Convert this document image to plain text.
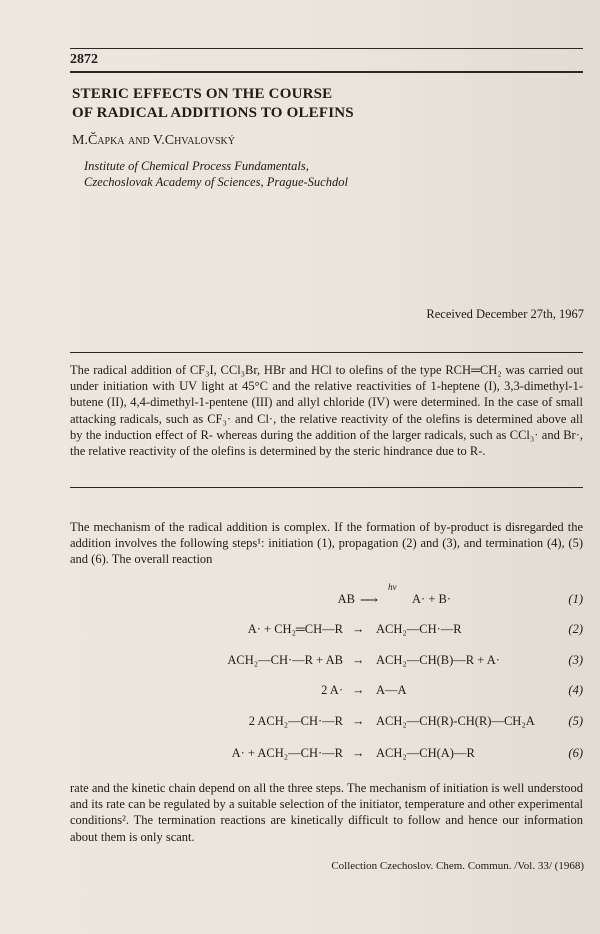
2872
STERIC EFFECTS ON THE COURSE
OF RADICAL ADDITIONS TO OLEFINS
M.Čapka and V.Chvalovský
Institute of Chemical Process Fundamentals,
Czechoslovak Academy of Sciences, Prague-Suchdol
Received December 27th, 1967
The radical addition of CF₃I, CCl₃Br, HBr and HCl to olefins of the type RCH═CH₂ was carried out under initiation with UV light at 45°C and the relative reactivities of 1-heptene (I), 3,3-dimethyl-1-butene (II), 4,4-dimethyl-1-pentene (III) and allyl chloride (IV) were determined. In the case of small attacking radicals, such as CF₃· and Cl·, the relative reactivity of the olefins is determined above all by the induction effect of R- whereas during the addition of the larger radicals, such as CCl₃· and Br·, the relative reactivity of the olefins is determined by the steric hindrance due to R-.
The mechanism of the radical addition is complex. If the formation of by-product is disregarded the addition involves the following steps¹: initiation (1), propagation (2) and (3), and termination (4), (5) and (6). The overall reaction
AB
hν
⟶	A· + B·	(1)
A· + CH₂═CH—R → ACH₂—CH·—R	(2)
ACH₂—CH·—R + AB → ACH₂—CH(B)—R + A·	(3)
2 A· → A—A	(4)
2 ACH₂—CH·—R → ACH₂—CH(R)-CH(R)—CH₂A	(5)
A· + ACH₂—CH·—R → ACH₂—CH(A)—R	(6)
rate and the kinetic chain depend on all the three steps. The mechanism of initiation is well understood and its rate can be regulated by a suitable selection of the initiator, temperature and other experimental conditions². The termination reactions are kinetically difficult to follow and hence our information about them is only scant.
Collection Czechoslov. Chem. Commun. /Vol. 33/ (1968)
